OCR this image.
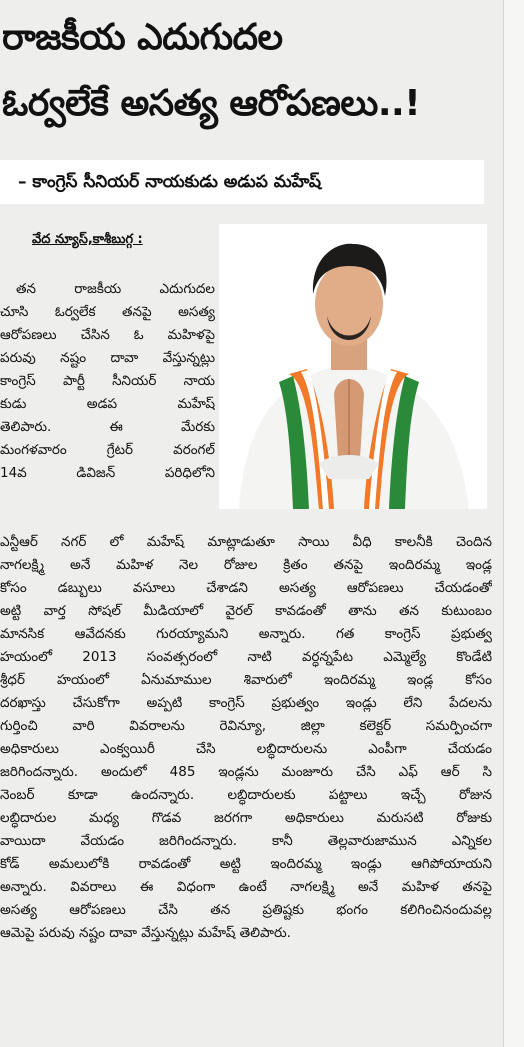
రాజకీయ ఎదుగుదల
ఓర్వలేకే అసత్య ఆరోపణలు..!
– కాంగ్రెస్ సీనియర్ నాయకుడు అడుప మహేష్
వేద న్యూస్,కాశీబుగ్గ :

తన రాజకీయ ఎదుగుదల

చూసి ఓర్వలేక తనపై అసత్య

ఆరోపణలు చేసిన ఓ మహిళపై

పరువు నష్టం దావా వేస్తున్నట్లు

కాంగ్రెస్ పార్టీ సీనియర్ నాయ

కుడు అడప మహేష్

తెలిపారు. ఈ మేరకు

మంగళవారం గ్రేటర్ వరంగల్

14వ డివిజన్ పరిధిలోని

ఎన్టీఆర్ నగర్ లో మహేష్ మాట్లాడుతూ సాయి వీధి కాలనీకి చెందిన

నాగలక్ష్మి అనే మహిళ నెల రోజుల క్రితం తనపై ఇందిరమ్మ ఇండ్ల

కోసం డబ్బులు వసూలు చేశాడని అసత్య ఆరోపణలు చేయడంతో

అట్టి వార్త సోషల్ మీడియాలో వైరల్ కావడంతో తాను తన కుటుంబం

మానసిక ఆవేదనకు గురయ్యామని అన్నారు. గత కాంగ్రెస్ ప్రభుత్వ

హయంలో 2013 సంవత్సరంలో నాటి వర్ధన్నపేట ఎమ్మెల్యే కొండేటి

శ్రీధర్ హయంలో ఏనుమాముల శివారులో ఇందిరమ్మ ఇండ్ల కోసం

దరఖాస్తు చేసుకోగా అప్పటి కాంగ్రెస్ ప్రభుత్వం ఇండ్లు లేని పేదలను

గుర్తించి వారి వివరాలను రెవిన్యూ, జిల్లా కలెక్టర్ సమర్పించగా

అధికారులు ఎంక్వయిరీ చేసి లబ్ధిదారులను ఎంపీగా చేయడం

జరిగిందన్నారు. అందులో 485 ఇండ్లను మంజూరు చేసి ఎఫ్ ఆర్ సి

నెంబర్ కూడా ఉందన్నారు. లబ్ధిదారులకు పట్టాలు ఇచ్చే రోజున

లబ్ధిదారుల మధ్య గొడవ జరగగా అధికారులు మరుసటి రోజుకు

వాయిదా వేయడం జరిగిందన్నారు. కానీ తెల్లవారుజామున ఎన్నికల

కోడ్ అమలులోకి రావడంతో అట్టి ఇందిరమ్మ ఇండ్లు ఆగిపోయాయని

అన్నారు. వివరాలు ఈ విధంగా ఉంటే నాగలక్ష్మి అనే మహిళ తనపై

అసత్య ఆరోపణలు చేసి తన ప్రతిష్టకు భంగం కలిగించినందువల్ల

ఆమెపై పరువు నష్టం దావా వేస్తున్నట్లు మహేష్ తెలిపారు.
